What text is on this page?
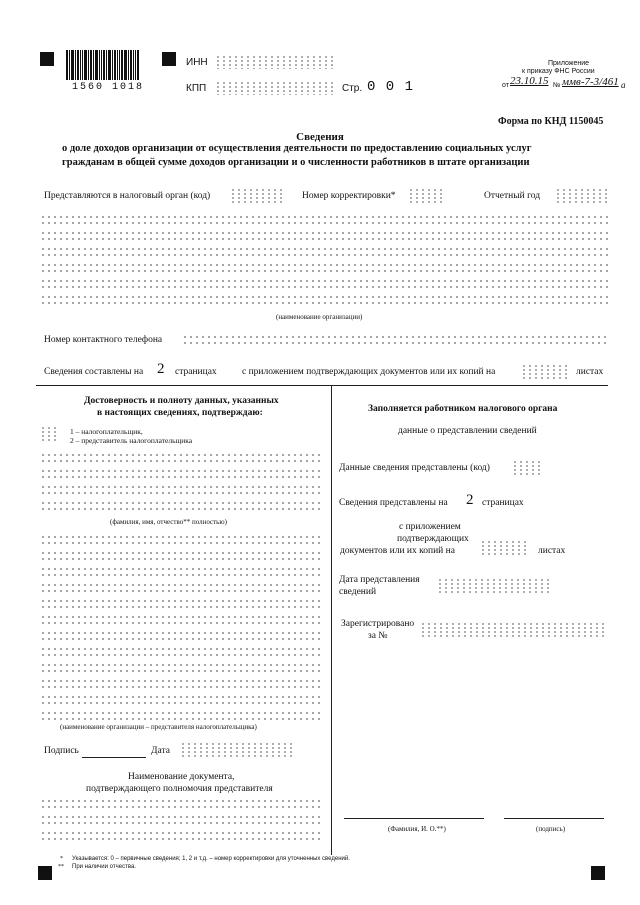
1560 1018
ИНН
КПП	Стр. 0 0 1
Приложение
к приказу ФНС России
от 23.10.15 № ммв-7-3/461 а
Форма по КНД 1150045
Сведения
о доле доходов организации от осуществления деятельности по предоставлению социальных услуг
гражданам в общей сумме доходов организации и о численности работников в штате организации
Представляются в налоговый орган (код)	Номер корректировки*	Отчетный год
(наименование организации)
Номер контактного телефона
Сведения составлены на 2 страницах	с приложением подтверждающих документов или их копий на	листах
Достоверность и полноту данных, указанных
в настоящих сведениях, подтверждаю:
1 – налогоплательщик,
2 – представитель налогоплательщика
(фамилия, имя, отчество** полностью)
(наименование организации – представителя налогоплательщика)
Подпись	Дата
Наименование документа,
подтверждающего полномочия представителя
Заполняется работником налогового органа
данные о представлении сведений
Данные сведения представлены (код)
Сведения представлены на 2 страницах
с приложением
подтверждающих
документов или их копий на	листах
Дата представления
сведений
Зарегистрировано
за №
(Фамилия, И. О.**)	(подпись)
* Указывается: 0 – первичные сведения; 1, 2 и т.д. – номер корректировки для уточненных сведений.
** При наличии отчества.
